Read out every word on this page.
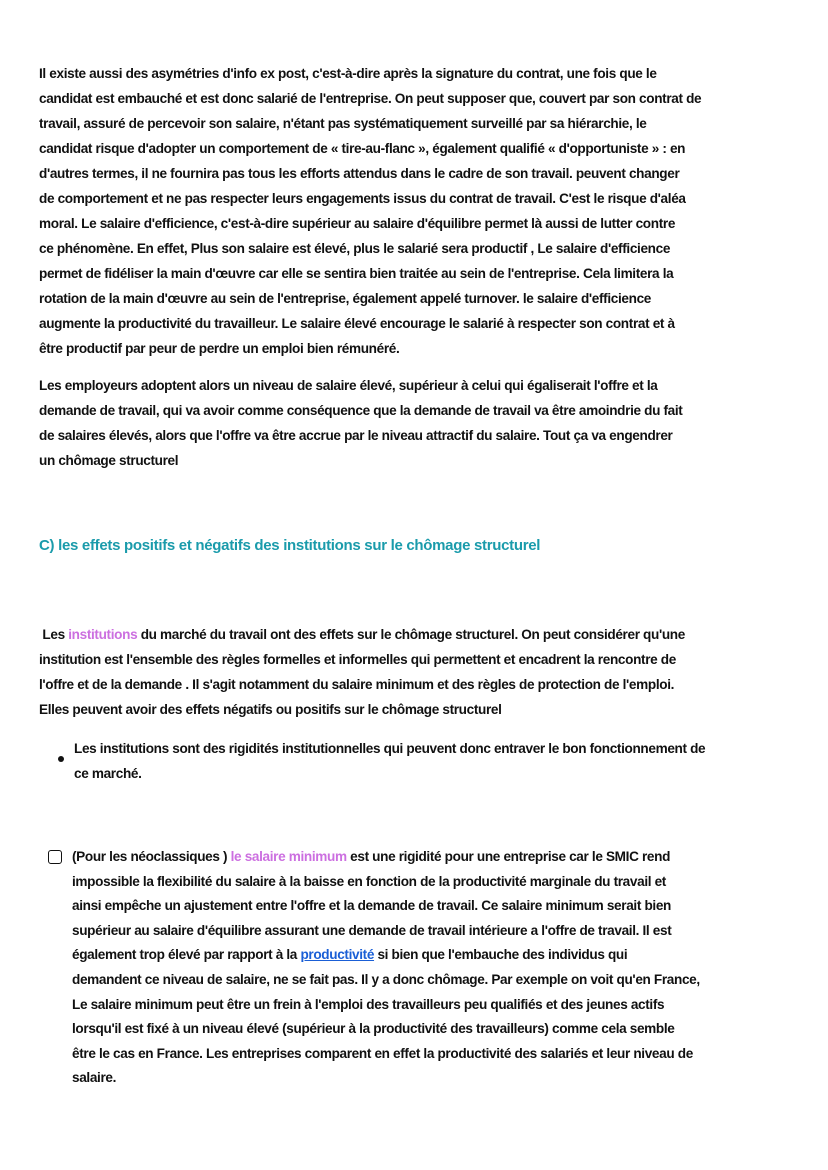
Il existe aussi des asymétries d'info ex post, c'est-à-dire après la signature du contrat, une fois que le
candidat est embauché et est donc salarié de l'entreprise. On peut supposer que, couvert par son contrat de
travail, assuré de percevoir son salaire, n'étant pas systématiquement surveillé par sa hiérarchie, le
candidat risque d'adopter un comportement de « tire-au-flanc », également qualifié « d'opportuniste » : en
d'autres termes, il ne fournira pas tous les efforts attendus dans le cadre de son travail. peuvent changer
de comportement et ne pas respecter leurs engagements issus du contrat de travail. C'est le risque d'aléa
moral. Le salaire d'efficience, c'est-à-dire supérieur au salaire d'équilibre permet là aussi de lutter contre
ce phénomène. En effet, Plus son salaire est élevé, plus le salarié sera productif , Le salaire d'efficience
permet de fidéliser la main d'œuvre car elle se sentira bien traitée au sein de l'entreprise. Cela limitera la
rotation de la main d'œuvre au sein de l'entreprise, également appelé turnover. le salaire d'efficience
augmente la productivité du travailleur. Le salaire élevé encourage le salarié à respecter son contrat et à
être productif par peur de perdre un emploi bien rémunéré.
Les employeurs adoptent alors un niveau de salaire élevé, supérieur à celui qui égaliserait l'offre et la
demande de travail, qui va avoir comme conséquence que la demande de travail va être amoindrie du fait
de salaires élevés, alors que l'offre va être accrue par le niveau attractif du salaire. Tout ça va engendrer
un chômage structurel
C) les effets positifs et négatifs des institutions sur le chômage structurel
Les institutions du marché du travail ont des effets sur le chômage structurel. On peut considérer qu'une
institution est l'ensemble des règles formelles et informelles qui permettent et encadrent la rencontre de
l'offre et de la demande . Il s'agit notamment du salaire minimum et des règles de protection de l'emploi.
Elles peuvent avoir des effets négatifs ou positifs sur le chômage structurel
Les institutions sont des rigidités institutionnelles qui peuvent donc entraver le bon fonctionnement de
ce marché.
(Pour les néoclassiques ) le salaire minimum est une rigidité pour une entreprise car le SMIC rend
impossible la flexibilité du salaire à la baisse en fonction de la productivité marginale du travail et
ainsi empêche un ajustement entre l'offre et la demande de travail. Ce salaire minimum serait bien
supérieur au salaire d'équilibre assurant une demande de travail intérieure a l'offre de travail. Il est
également trop élevé par rapport à la productivité si bien que l'embauche des individus qui
demandent ce niveau de salaire, ne se fait pas. Il y a donc chômage. Par exemple on voit qu'en France,
Le salaire minimum peut être un frein à l'emploi des travailleurs peu qualifiés et des jeunes actifs
lorsqu'il est fixé à un niveau élevé (supérieur à la productivité des travailleurs) comme cela semble
être le cas en France. Les entreprises comparent en effet la productivité des salariés et leur niveau de
salaire.
